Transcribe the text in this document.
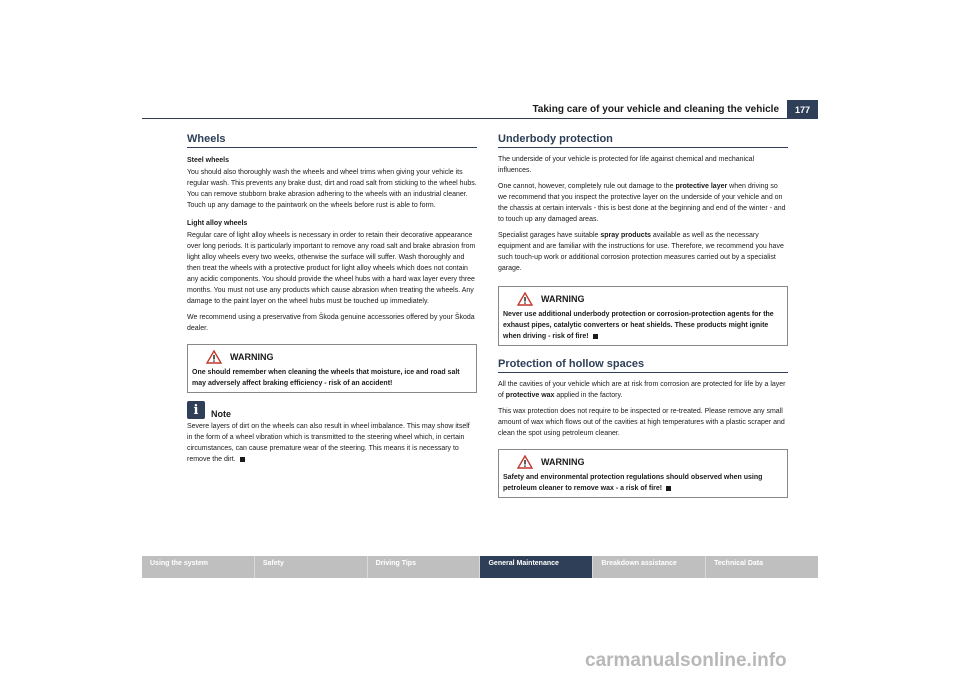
Taking care of your vehicle and cleaning the vehicle	177
Wheels
Steel wheels

You should also thoroughly wash the wheels and wheel trims when giving your vehicle its regular wash. This prevents any brake dust, dirt and road salt from sticking to the wheel hubs. You can remove stubborn brake abrasion adhering to the wheels with an industrial cleaner. Touch up any damage to the paintwork on the wheels before rust is able to form.

Light alloy wheels

Regular care of light alloy wheels is necessary in order to retain their decorative appearance over long periods. It is particularly important to remove any road salt and brake abrasion from light alloy wheels every two weeks, otherwise the surface will suffer. Wash thoroughly and then treat the wheels with a protective product for light alloy wheels which does not contain any acidic components. You should provide the wheel hubs with a hard wax layer every three months. You must not use any products which cause abrasion when treating the wheels. Any damage to the paint layer on the wheel hubs must be touched up immediately.

We recommend using a preservative from Škoda genuine accessories offered by your Škoda dealer.

WARNING
One should remember when cleaning the wheels that moisture, ice and road salt may adversely affect braking efficiency - risk of an accident!
i	Note

Severe layers of dirt on the wheels can also result in wheel imbalance. This may show itself in the form of a wheel vibration which is transmitted to the steering wheel which, in certain circumstances, can cause premature wear of the steering. This means it is necessary to remove the dirt.

Underbody protection

The underside of your vehicle is protected for life against chemical and mechanical influences.

One cannot, however, completely rule out damage to the protective layer when driving so we recommend that you inspect the protective layer on the underside of your vehicle and on the chassis at certain intervals - this is best done at the beginning and end of the winter - and to touch up any damaged areas.

Specialist garages have suitable spray products available as well as the necessary equipment and are familiar with the instructions for use. Therefore, we recommend you have such touch-up work or additional corrosion protection measures carried out by a specialist garage.

WARNING
Never use additional underbody protection or corrosion-protection agents for the exhaust pipes, catalytic converters or heat shields. These products might ignite when driving - risk of fire!
Protection of hollow spaces

All the cavities of your vehicle which are at risk from corrosion are protected for life by a layer of protective wax applied in the factory.

This wax protection does not require to be inspected or re-treated. Please remove any small amount of wax which flows out of the cavities at high temperatures with a plastic scraper and clean the spot using petroleum cleaner.

WARNING
Safety and environmental protection regulations should observed when using petroleum cleaner to remove wax - a risk of fire!
Using the system	Safety	Driving Tips	General Maintenance	Breakdown assistance	Technical Data
carmanualsonline.info
